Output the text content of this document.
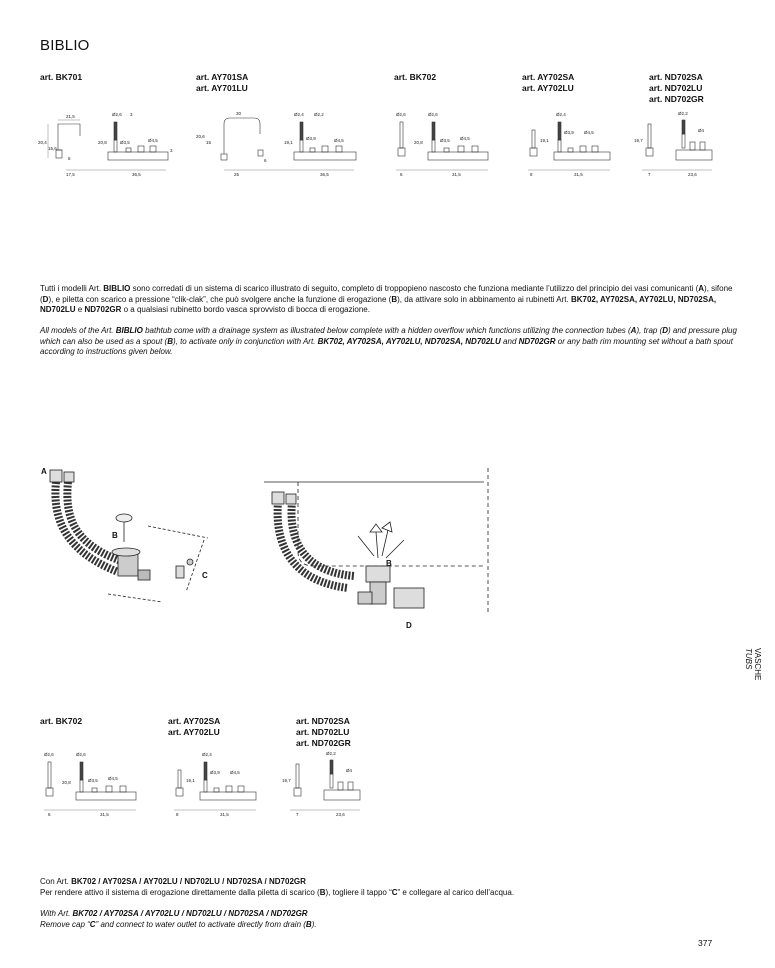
BIBLIO
art. BK701	art. AY701SA
art. AY701LU
art. BK702	art. AY702SA
art. AY702LU
art. ND702SA
art. ND702LU
art. ND702GR
21,5	Ø2,6 3
20,4
15,6
20,8	Ø3,5	Ø4,5
3
6
17,5	36,5
30
20,6
15
Ø2,4 Ø2,2
6
19,1
Ø3,9	Ø4,5
25	36,5
Ø2,6	Ø2,6
20,8	Ø3,5 Ø4,5
6	31,5
Ø2,4
Ø3,9 Ø4,5
19,1
8	31,5
Ø2,2
Ø4
19,7
7	23,6
Tutti i modelli Art. BIBLIO sono corredati di un sistema di scarico illustrato di seguito, completo di troppopieno nascosto che funziona mediante l’utilizzo del principio dei vasi comunicanti (A), sifone (D), e piletta con scarico a pressione “clik-clak”, che può svolgere anche la funzione di erogazione (B), da attivare solo in abbinamento ai rubinetti Art. BK702, AY702SA, AY702LU, ND702SA, ND702LU e ND702GR o a qualsiasi rubinetto bordo vasca sprovvisto di bocca di erogazione.
All models of the Art. BIBLIO bathtub come with a drainage system as illustrated below complete with a hidden overflow which functions utilizing the connection tubes (A), trap (D) and pressure plug which can also be used as a spout (B), to activate only in conjunction with Art. BK702, AY702SA, AY702LU, ND702SA, ND702LU and ND702GR or any bath rim mounting set without a bath spout according to instructions given below.
A
B
C
B
D
VASCHE
TUBS
art. BK702	art. AY702SA
art. AY702LU
art. ND702SA
art. ND702LU
art. ND702GR
Ø2,6	Ø2,6
20,8	Ø3,5 Ø4,5
6	31,5
Ø2,4
Ø3,9 Ø4,5
19,1
8	31,5
Ø2,2
Ø4
19,7
7	23,6
Con Art. BK702 / AY702SA / AY702LU / ND702LU / ND702SA / ND702GR
Per rendere attivo il sistema di erogazione direttamente dalla piletta di scarico (B), togliere il tappo “C” e collegare al carico dell’acqua.
With Art. BK702 / AY702SA / AY702LU / ND702LU / ND702SA / ND702GR
Remove cap “C” and connect to water outlet to activate directly from drain (B).
377
